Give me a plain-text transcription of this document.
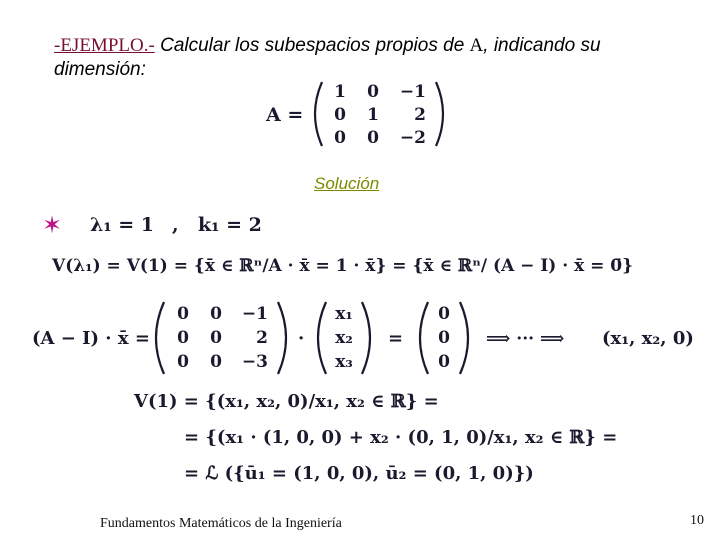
-EJEMPLO.- Calcular los subespacios propios de A, indicando su
dimensión:
A =
1 0 −1
0 1 2
0 0 −2
Solución
✶ λ₁ = 1 , k₁ = 2
V(λ₁) = V(1) = {x̄ ∈ ℝⁿ/A · x̄ = 1 · x̄} = {x̄ ∈ ℝⁿ/ (A − I) · x̄ = 0̄}
(A − I) · x̄ =
0 0 −1
0 0 2
0 0 −3
·
x₁
x₂
x₃
=
0
0
0
⟹ ··· ⟹ (x₁, x₂, 0)
V(1) = {(x₁, x₂, 0)/x₁, x₂ ∈ ℝ} =
= {(x₁ · (1, 0, 0) + x₂ · (0, 1, 0)/x₁, x₂ ∈ ℝ} =
= ℒ ({ū₁ = (1, 0, 0), ū₂ = (0, 1, 0)})
Fundamentos Matemáticos de la Ingeniería	10
